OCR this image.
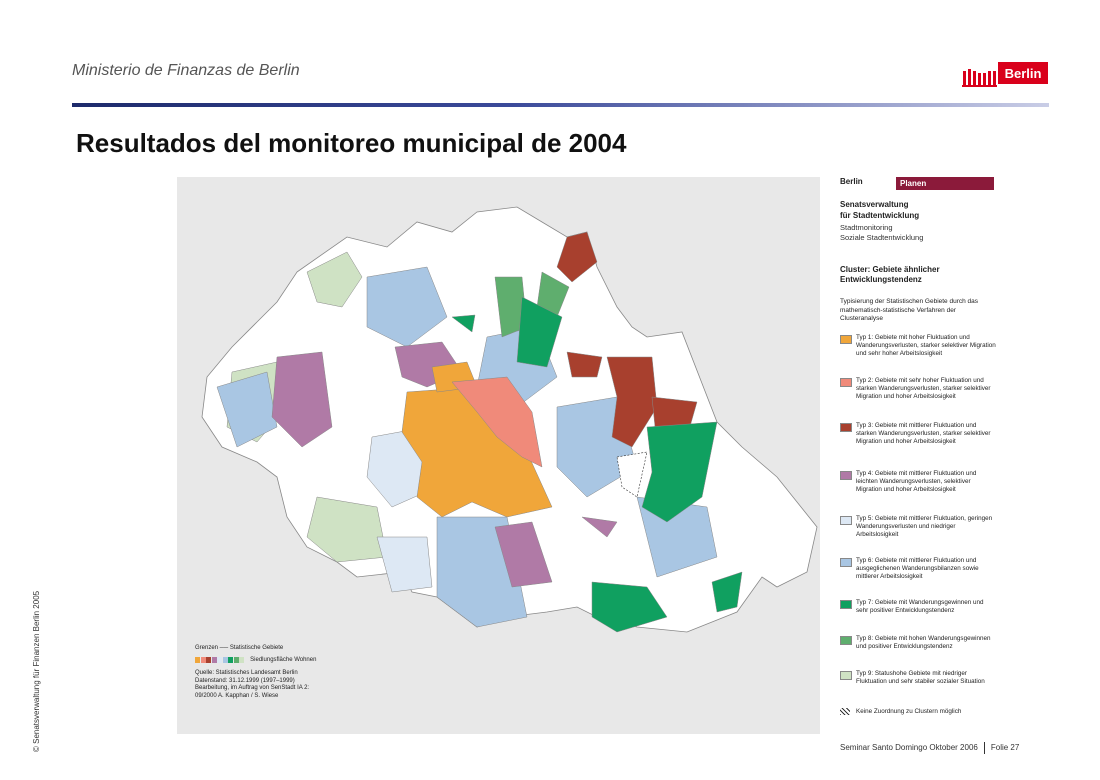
Ministerio de Finanzas de Berlin	Berlin
Resultados del monitoreo municipal de 2004
© Senatsverwaltung für Finanzen Berlin 2005	Grenzen ── Statistische Gebiete
Siedlungsfläche Wohnen
Quelle: Statistisches Landesamt Berlin
Datenstand: 31.12.1999 (1997–1999)
Bearbeitung, im Auftrag von SenStadt IA 2:
09/2000 A. Kapphan / S. Wiese
Berlin	Planen
Senatsverwaltung
für Stadtentwicklung
Stadtmonitoring
Soziale Stadtentwicklung
Cluster: Gebiete ähnlicher Entwicklungstendenz
Typisierung der Statistischen Gebiete durch das mathematisch-statistische Verfahren der Clusteranalyse
Typ 1: Gebiete mit hoher Fluktuation und Wanderungsverlusten, starker selektiver Migration und sehr hoher Arbeitslosigkeit
Typ 2: Gebiete mit sehr hoher Fluktuation und starken Wanderungsverlusten, starker selektiver Migration und hoher Arbeitslosigkeit
Typ 3: Gebiete mit mittlerer Fluktuation und starken Wanderungsverlusten, starker selektiver Migration und hoher Arbeitslosigkeit
Typ 4: Gebiete mit mittlerer Fluktuation und leichten Wanderungsverlusten, selektiver Migration und hoher Arbeitslosigkeit
Typ 5: Gebiete mit mittlerer Fluktuation, geringen Wanderungsverlusten und niedriger Arbeitslosigkeit
Typ 6: Gebiete mit mittlerer Fluktuation und ausgeglichenen Wanderungsbilanzen sowie mittlerer Arbeitslosigkeit
Typ 7: Gebiete mit Wanderungsgewinnen und sehr positiver Entwicklungstendenz
Typ 8: Gebiete mit hohen Wanderungsgewinnen und positiver Entwicklungstendenz
Typ 9: Statushohe Gebiete mit niedriger Fluktuation und sehr stabiler sozialer Situation
Keine Zuordnung zu Clustern möglich
Seminar Santo Domingo Oktober 2006 Folie 27
